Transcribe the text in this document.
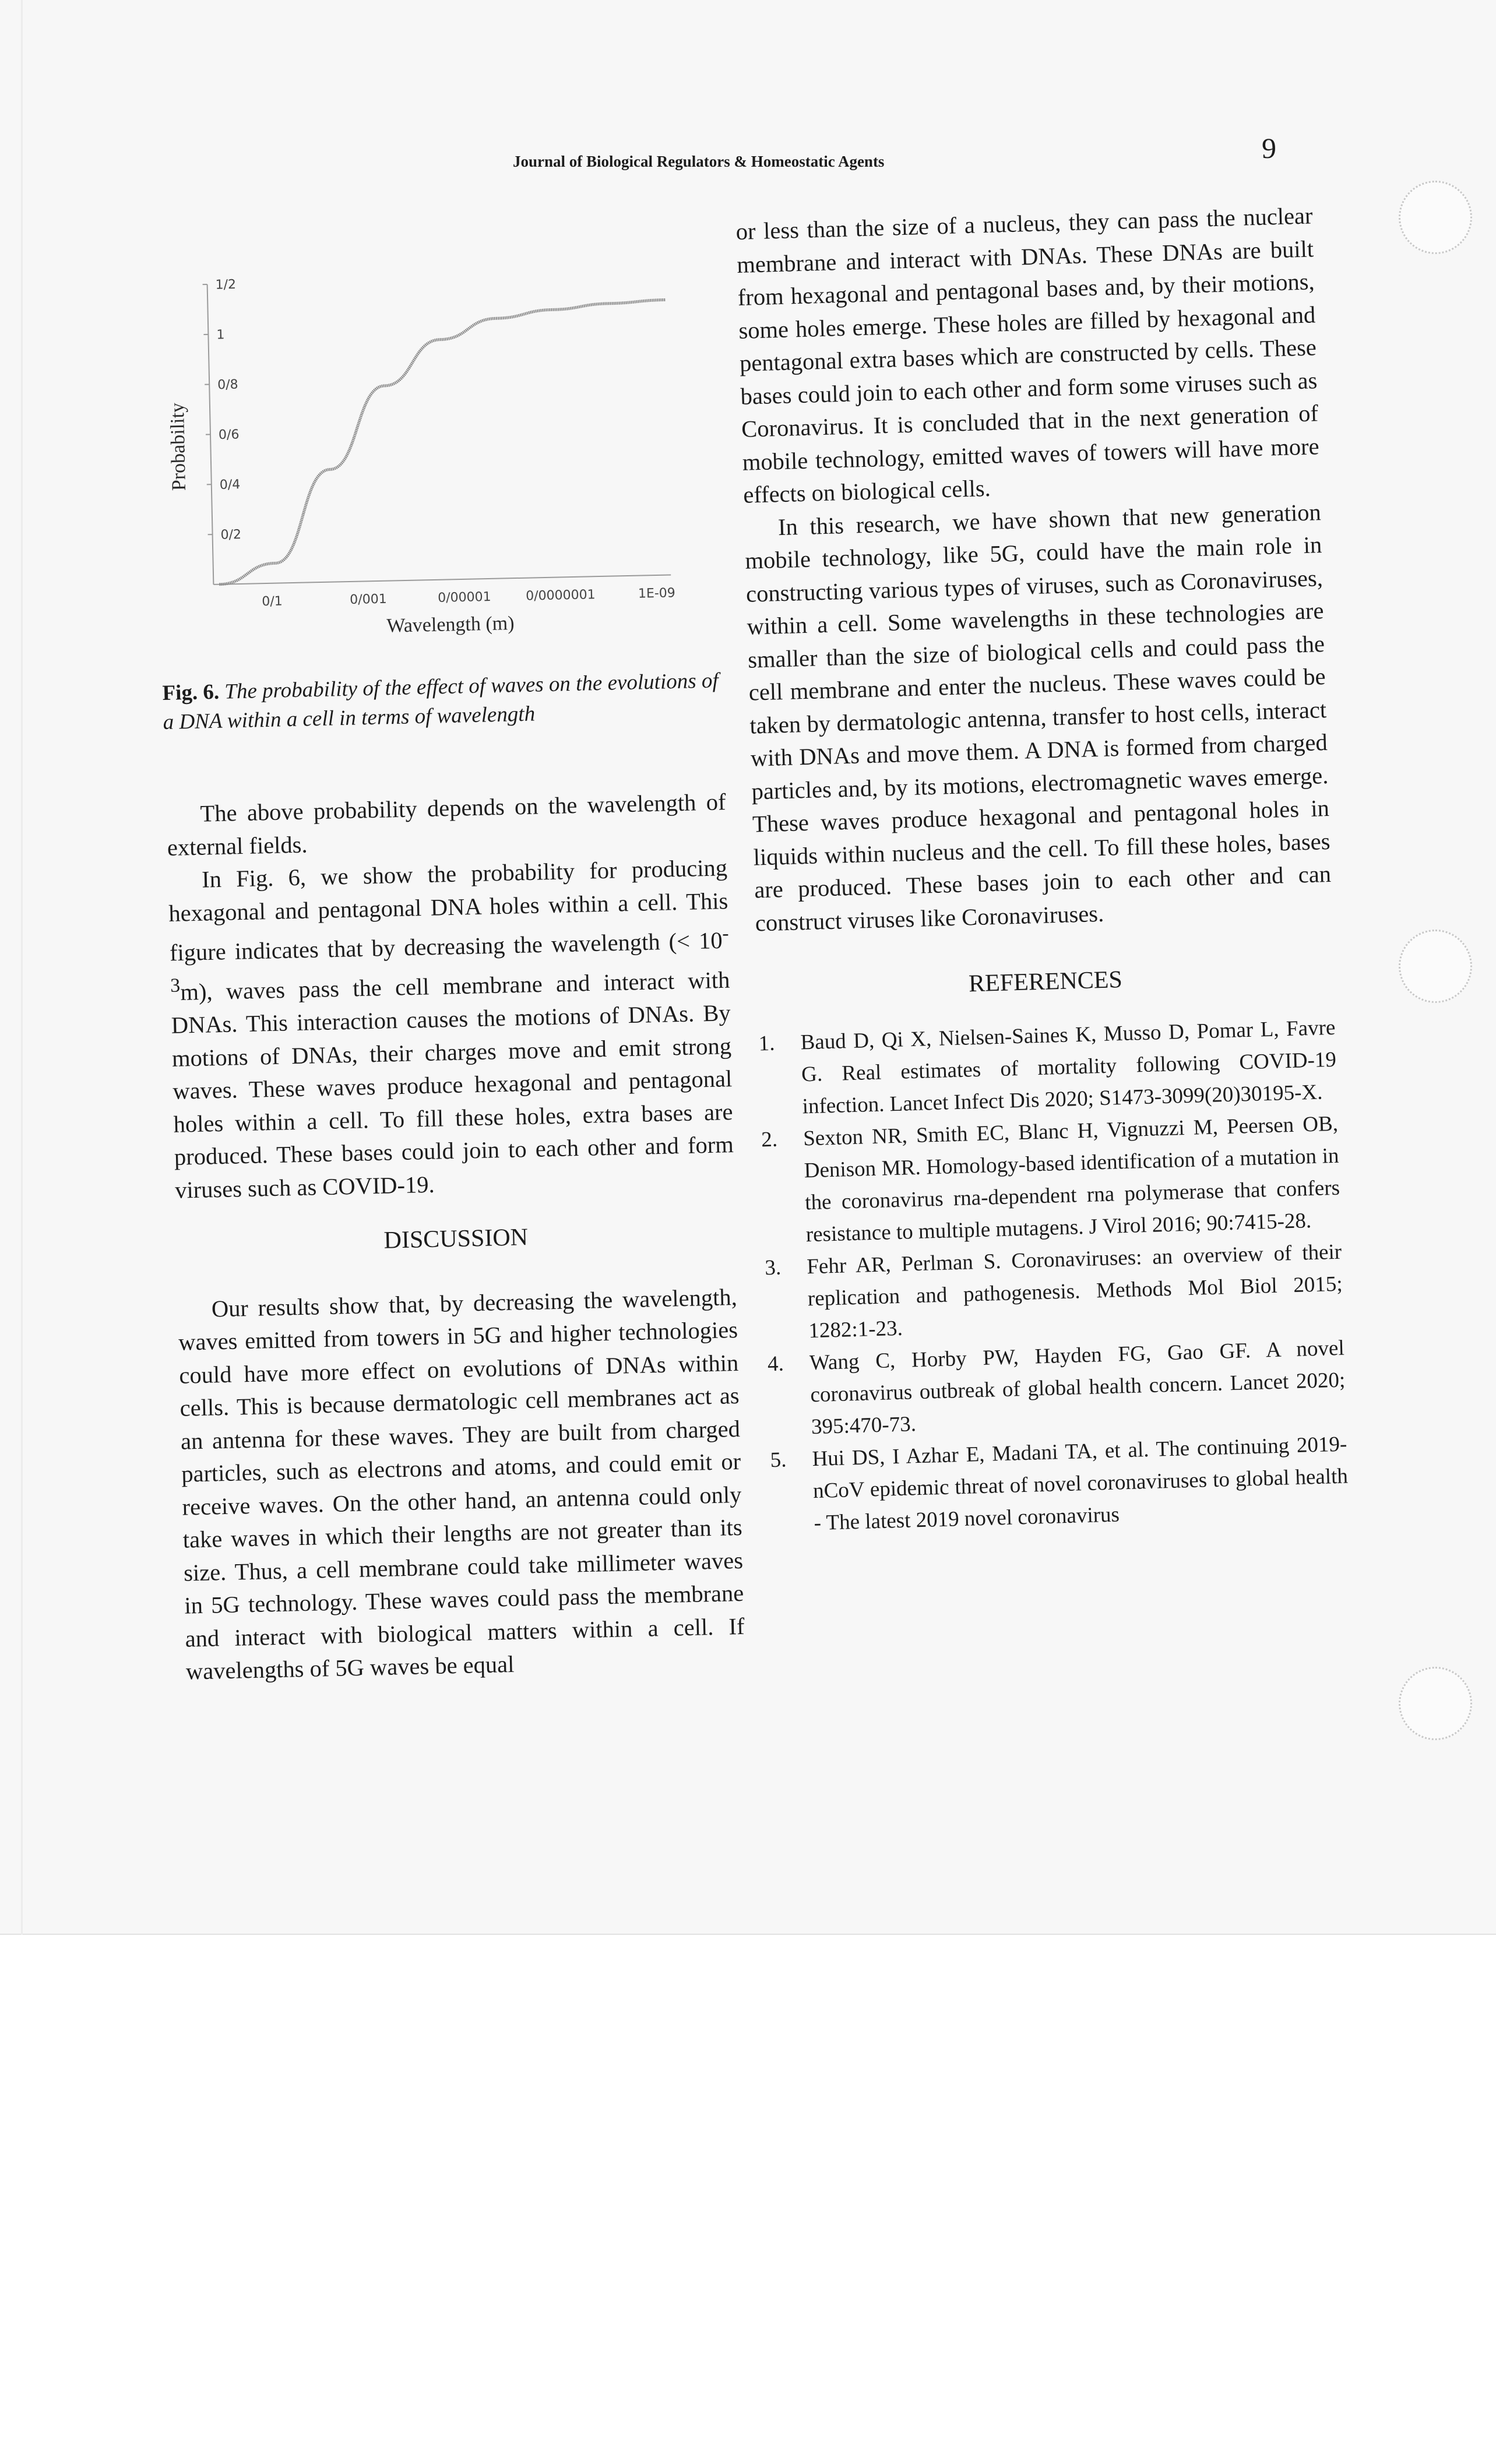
9
Journal of Biological Regulators & Homeostatic Agents
0/2
0/4
0/6
0/8
1
1/2
0/1	0/001	0/00001	0/0000001	1E-09
Wavelength (m)
Probability
Fig. 6. The probability of the effect of waves on the evolutions of a DNA within a cell in terms of wavelength

The above probability depends on the wavelength of external fields.

In Fig. 6, we show the probability for producing hexagonal and pentagonal DNA holes within a cell. This figure indicates that by decreasing the wavelength (< $10^{-3}m$), waves pass the cell membrane and interact with DNAs. This interaction causes the motions of DNAs. By motions of DNAs, their charges move and emit strong waves. These waves produce hexagonal and pentagonal holes within a cell. To fill these holes, extra bases are produced. These bases could join to each other and form viruses such as COVID-19.

DISCUSSION

Our results show that, by decreasing the wavelength, waves emitted from towers in 5G and higher technologies could have more effect on evolutions of DNAs within cells. This is because dermatologic cell membranes act as an antenna for these waves. They are built from charged particles, such as electrons and atoms, and could emit or receive waves. On the other hand, an antenna could only take waves in which their lengths are not greater than its size. Thus, a cell membrane could take millimeter waves in 5G technology. These waves could pass the membrane and interact with biological matters within a cell. If wavelengths of 5G waves be equal

or less than the size of a nucleus, they can pass the nuclear membrane and interact with DNAs. These DNAs are built from hexagonal and pentagonal bases and, by their motions, some holes emerge. These holes are filled by hexagonal and pentagonal extra bases which are constructed by cells. These bases could join to each other and form some viruses such as Coronavirus. It is concluded that in the next generation of mobile technology, emitted waves of towers will have more effects on biological cells.

In this research, we have shown that new generation mobile technology, like 5G, could have the main role in constructing various types of viruses, such as Coronaviruses, within a cell. Some wavelengths in these technologies are smaller than the size of biological cells and could pass the cell membrane and enter the nucleus. These waves could be taken by dermatologic antenna, transfer to host cells, interact with DNAs and move them. A DNA is formed from charged particles and, by its motions, electromagnetic waves emerge. These waves produce hexagonal and pentagonal holes in liquids within nucleus and the cell. To fill these holes, bases are produced. These bases join to each other and can construct viruses like Coronaviruses.

REFERENCES
1.	Baud D, Qi X, Nielsen-Saines K, Musso D, Pomar L, Favre G. Real estimates of mortality following COVID-19 infection. Lancet Infect Dis 2020; S1473-3099(20)30195-X.
2.	Sexton NR, Smith EC, Blanc H, Vignuzzi M, Peersen OB, Denison MR. Homology-based identification of a mutation in the coronavirus rna-dependent rna polymerase that confers resistance to multiple mutagens. J Virol 2016; 90:7415-28.
3.	Fehr AR, Perlman S. Coronaviruses: an overview of their replication and pathogenesis. Methods Mol Biol 2015; 1282:1-23.
4.	Wang C, Horby PW, Hayden FG, Gao GF. A novel coronavirus outbreak of global health concern. Lancet 2020; 395:470-73.
5.	Hui DS, I Azhar E, Madani TA, et al. The continuing 2019-nCoV epidemic threat of novel coronaviruses to global health - The latest 2019 novel coronavirus
